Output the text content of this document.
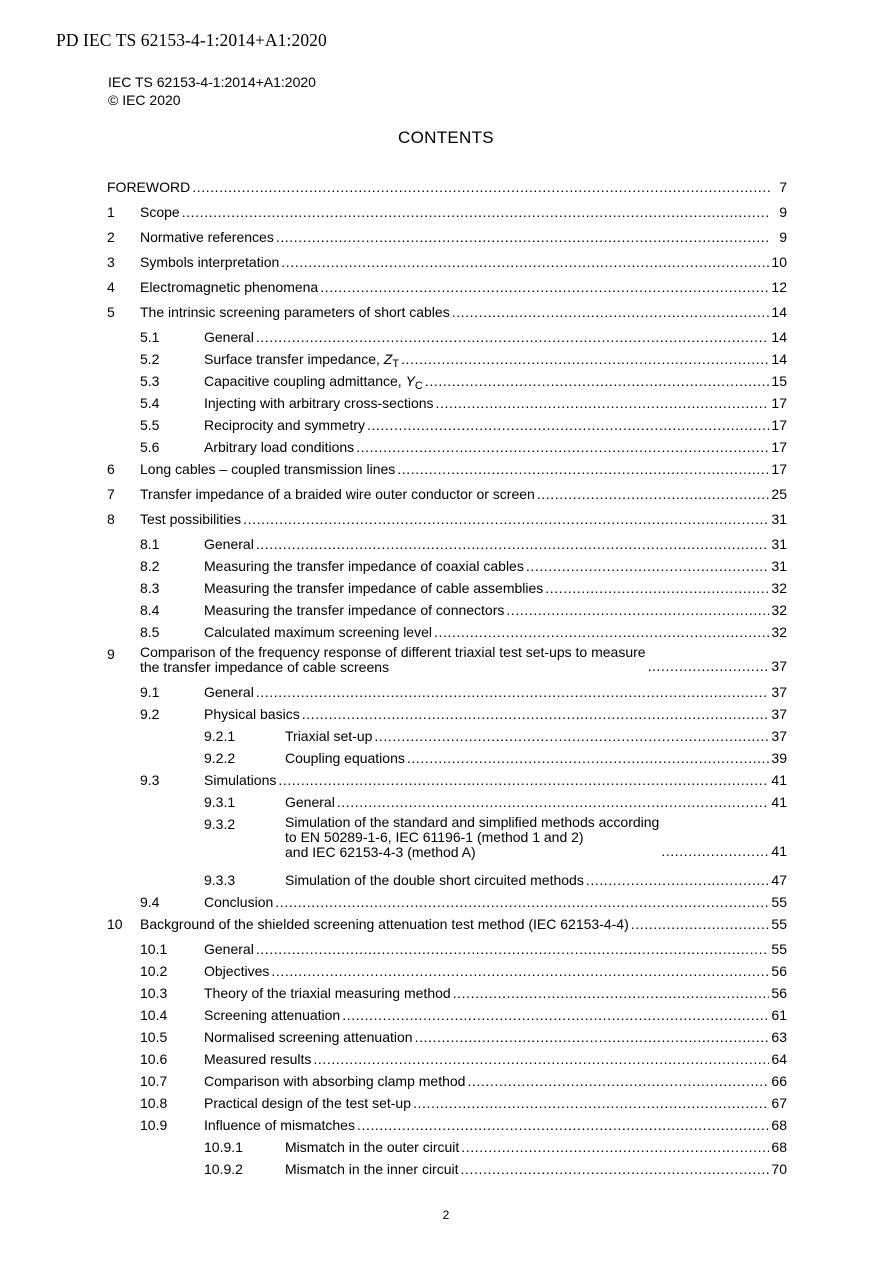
PD IEC TS 62153-4-1:2014+A1:2020
IEC TS 62153-4-1:2014+A1:2020
© IEC 2020
CONTENTS
FOREWORD .....	7
1 Scope .....	9
2 Normative references .....	9
3 Symbols interpretation .....	10
4 Electromagnetic phenomena .....	12
5 The intrinsic screening parameters of short cables .....	14
5.1	General .....	14
5.2	Surface transfer impedance, $Z_T$ .....	14
5.3	Capacitive coupling admittance, $Y_C$ .....	15
5.4	Injecting with arbitrary cross-sections .....	17
5.5	Reciprocity and symmetry .....	17
5.6	Arbitrary load conditions .....	17
6 Long cables – coupled transmission lines .....	17
7 Transfer impedance of a braided wire outer conductor or screen .....	25
8 Test possibilities .....	31
8.1	General .....	31
8.2	Measuring the transfer impedance of coaxial cables .....	31
8.3	Measuring the transfer impedance of cable assemblies .....	32
8.4	Measuring the transfer impedance of connectors .....	32
8.5	Calculated maximum screening level .....	32
9 Comparison of the frequency response of different triaxial test set-ups to measure
the transfer impedance of cable screens .....	37
9.1	General .....	37
9.2	Physical basics .....	37
9.2.1	Triaxial set-up .....	37
9.2.2	Coupling equations .....	39
9.3	Simulations .....	41
9.3.1	General .....	41
9.3.2	Simulation of the standard and simplified methods according
to EN 50289-1-6, IEC 61196-1 (method 1 and 2)
and IEC 62153-4-3 (method A) .....	41
9.3.3	Simulation of the double short circuited methods .....	47
9.4	Conclusion .....	55
10 Background of the shielded screening attenuation test method (IEC 62153-4-4) .....	55
10.1	General .....	55
10.2	Objectives .....	56
10.3	Theory of the triaxial measuring method .....	56
10.4	Screening attenuation .....	61
10.5	Normalised screening attenuation .....	63
10.6	Measured results .....	64
10.7	Comparison with absorbing clamp method .....	66
10.8	Practical design of the test set-up .....	67
10.9	Influence of mismatches .....	68
10.9.1	Mismatch in the outer circuit .....	68
10.9.2	Mismatch in the inner circuit .....	70
2
